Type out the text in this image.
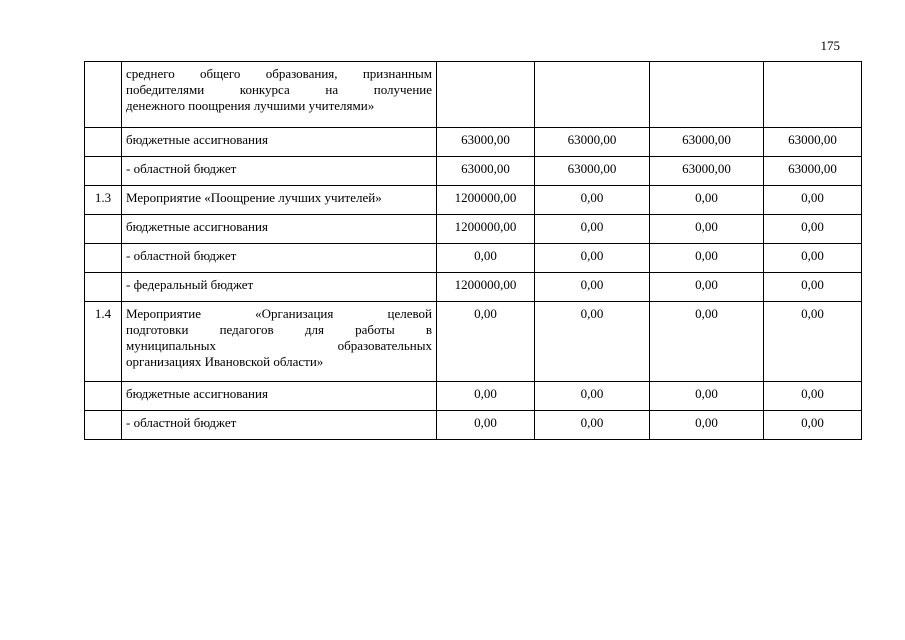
175

	среднего общего образования, признанным
победителями конкурса на получение
денежного поощрения лучшими учителями»				

	бюджетные ассигнования	63000,00	63000,00	63000,00	63000,00

	- областной бюджет	63000,00	63000,00	63000,00	63000,00
1.3	Мероприятие «Поощрение лучших учителей»	1200000,00	0,00	0,00	0,00

	бюджетные ассигнования	1200000,00	0,00	0,00	0,00

	- областной бюджет	0,00	0,00	0,00	0,00

	- федеральный бюджет	1200000,00	0,00	0,00	0,00
1.4	Мероприятие «Организация целевой
подготовки педагогов для работы в
муниципальных образовательных
организациях Ивановской области»	0,00	0,00	0,00	0,00

	бюджетные ассигнования	0,00	0,00	0,00	0,00

	- областной бюджет	0,00	0,00	0,00	0,00
